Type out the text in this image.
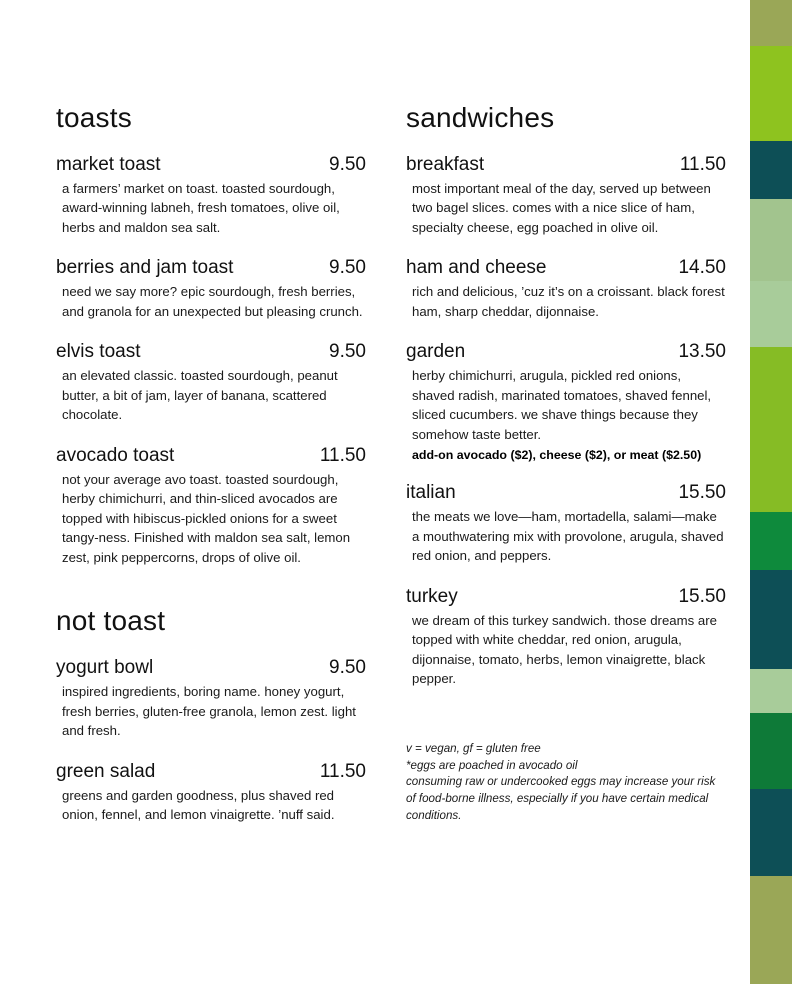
toasts
market toast	9.50
a farmers’ market on toast. toasted sourdough, award-winning labneh, fresh tomatoes, olive oil, herbs and maldon sea salt.
berries and jam toast	9.50
need we say more? epic sourdough, fresh berries, and granola for an unexpected but pleasing crunch.
elvis toast	9.50
an elevated classic. toasted sourdough, peanut butter, a bit of jam, layer of banana, scattered chocolate.
avocado toast	11.50
not your average avo toast. toasted sourdough, herby chimichurri, and thin-sliced avocados are topped with hibiscus-pickled onions for a sweet tangy-ness. Finished with maldon sea salt, lemon zest, pink peppercorns, drops of olive oil.
not toast
yogurt bowl	9.50
inspired ingredients, boring name. honey yogurt, fresh berries, gluten-free granola, lemon zest. light and fresh.
green salad	11.50
greens and garden goodness, plus shaved red onion, fennel, and lemon vinaigrette. ’nuff said.
sandwiches
breakfast	11.50
most important meal of the day, served up between two bagel slices. comes with a nice slice of ham, specialty cheese, egg poached in olive oil.
ham and cheese	14.50
rich and delicious, ’cuz it’s on a croissant. black forest ham, sharp cheddar, dijonnaise.
garden	13.50
herby chimichurri, arugula, pickled red onions, shaved radish, marinated tomatoes, shaved fennel, sliced cucumbers. we shave things because they somehow taste better.
add-on avocado ($2), cheese ($2), or meat ($2.50)
italian	15.50
the meats we love—ham, mortadella, salami—make a mouthwatering mix with provolone, arugula, shaved red onion, and peppers.
turkey	15.50
we dream of this turkey sandwich. those dreams are topped with white cheddar, red onion, arugula, dijonnaise, tomato, herbs, lemon vinaigrette, black pepper.
v = vegan, gf = gluten free
*eggs are poached in avocado oil
consuming raw or undercooked eggs may increase your risk of food-borne illness, especially if you have certain medical conditions.
